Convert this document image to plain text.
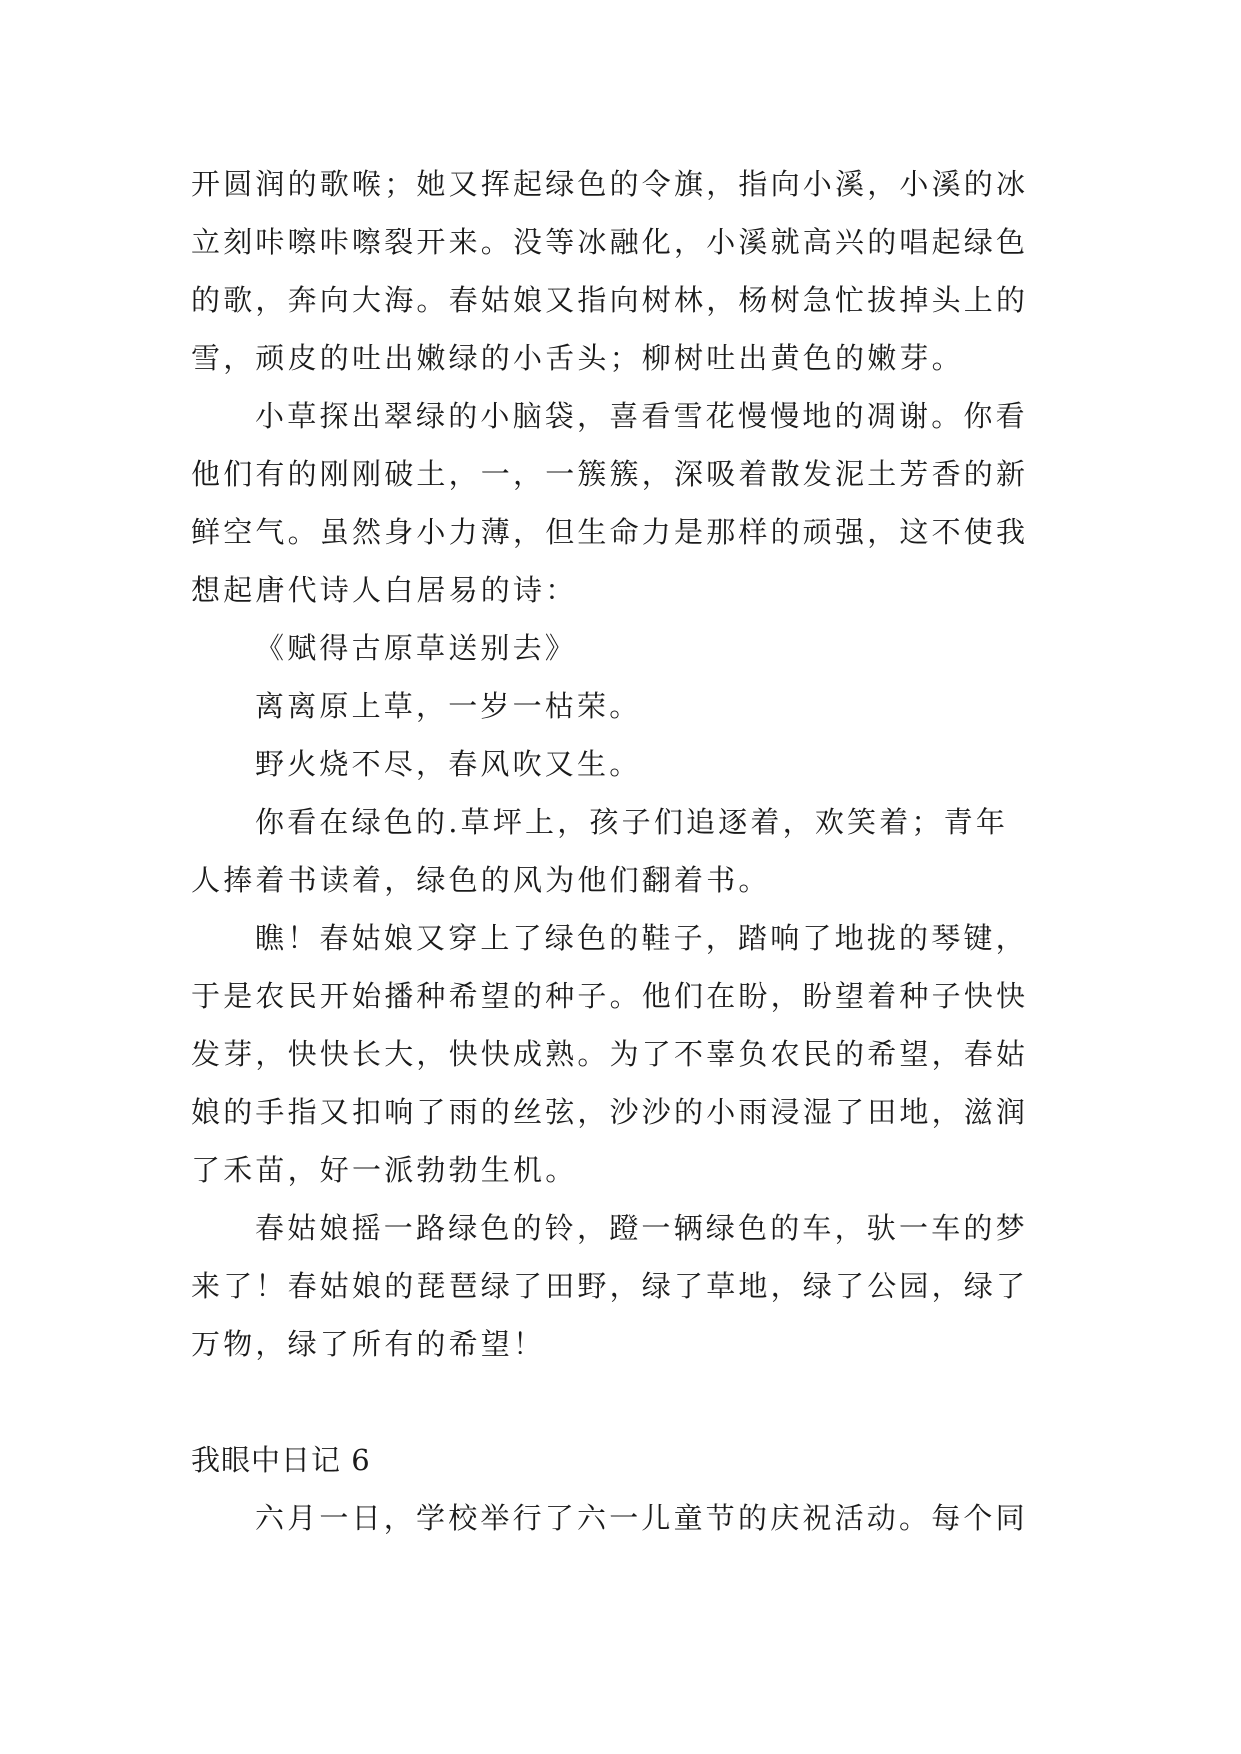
开圆润的歌喉；她又挥起绿色的令旗，指向小溪，小溪的冰
立刻咔嚓咔嚓裂开来。没等冰融化，小溪就高兴的唱起绿色
的歌，奔向大海。春姑娘又指向树林，杨树急忙拔掉头上的
雪，顽皮的吐出嫩绿的小舌头；柳树吐出黄色的嫩芽。
小草探出翠绿的小脑袋，喜看雪花慢慢地的凋谢。你看
他们有的刚刚破土，一，一簇簇，深吸着散发泥土芳香的新
鲜空气。虽然身小力薄，但生命力是那样的顽强，这不使我
想起唐代诗人白居易的诗：
《赋得古原草送别去》
离离原上草，一岁一枯荣。
野火烧不尽，春风吹又生。
你看在绿色的.草坪上，孩子们追逐着，欢笑着；青年
人捧着书读着，绿色的风为他们翻着书。
瞧！春姑娘又穿上了绿色的鞋子，踏响了地拢的琴键，
于是农民开始播种希望的种子。他们在盼，盼望着种子快快
发芽，快快长大，快快成熟。为了不辜负农民的希望，春姑
娘的手指又扣响了雨的丝弦，沙沙的小雨浸湿了田地，滋润
了禾苗，好一派勃勃生机。
春姑娘摇一路绿色的铃，蹬一辆绿色的车，驮一车的梦
来了！春姑娘的琵琶绿了田野，绿了草地，绿了公园，绿了
万物，绿了所有的希望！
我眼中日记 6
六月一日，学校举行了六一儿童节的庆祝活动。每个同
